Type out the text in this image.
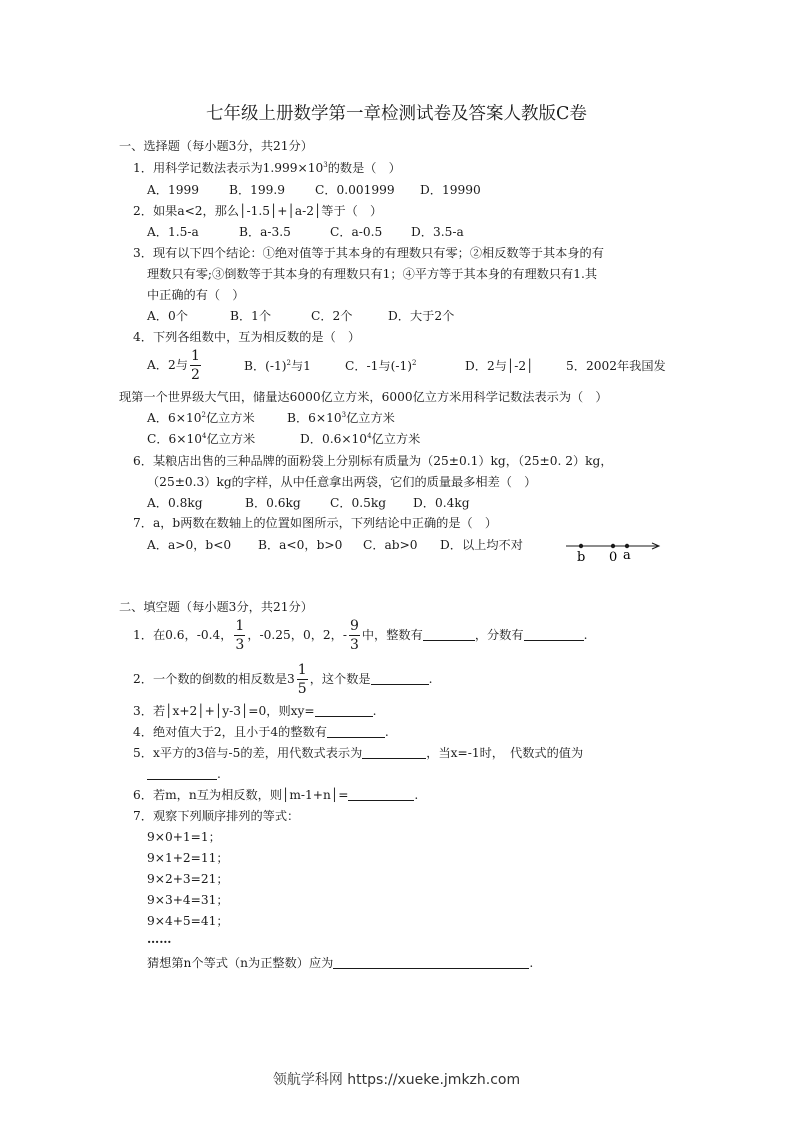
七年级上册数学第一章检测试卷及答案人教版C卷
一、选择题（每小题3分，共21分）
1．用科学记数法表示为$1.999\times 10^3$的数是（　）
A．1999 B．199.9 C．0.001999 D．19990
2．如果a<2，那么│-1.5│+│a-2│等于（　）
A．1.5-a	B．a-3.5	C．a-0.5 D．3.5-a
3．现有以下四个结论：①绝对值等于其本身的有理数只有零；②相反数等于其本身的有
理数只有零;③倒数等于其本身的有理数只有1；④平方等于其本身的有理数只有1.其
中正确的有（　）
A．0个	B．1个	C．2个	D．大于2个
4．下列各组数中，互为相反数的是（　）
A．2与 $\frac{1}{2}$	B．$(-1)^2$与1	C．-1与$(-1)^2$	D．2与│-2│	5．2002年我国发
现第一个世界级大气田，储量达6000亿立方米，6000亿立方米用科学记数法表示为（　）
A．$6\times 10^2$亿立方米	B．$6\times 10^3$亿立方米
C．$6\times 10^4$亿立方米	D．$0.6\times 10^4$亿立方米
6．某粮店出售的三种品牌的面粉袋上分别标有质量为（25±0.1）kg，（25±0. 2）kg，
（25±0.3）kg的字样，从中任意拿出两袋，它们的质量最多相差（　）
A．0.8kg	B．0.6kg C．0.5kg D．0.4kg
7．a，b两数在数轴上的位置如图所示，下列结论中正确的是（　）
A．a>0，b<0 B．a<0，b>0 C．ab>0 D．以上均不对
b 0 a
二、填空题（每小题3分，共21分）
1．在0.6，-0.4， $\frac{1}{3}$ ，-0.25，0，2，- $\frac{9}{3}$ 中，整数有	，分数有	.
2．一个数的倒数的相反数是$3 \frac{1}{5}$ ，这个数是	.
3．若│x+2│+│y-3│=0，则xy=	.
4．绝对值大于2，且小于4的整数有	.
5．x平方的3倍与-5的差，用代数式表示为	，当x=-1时，　代数式的值为
.
6．若m，n互为相反数，则│m-1+n│=	.
7．观察下列顺序排列的等式：
9×0+1=1；
9×1+2=11；
9×2+3=21；
9×3+4=31；
9×4+5=41；
……
猜想第n个等式（n为正整数）应为	.
领航学科网 https://xueke.jmkzh.com
